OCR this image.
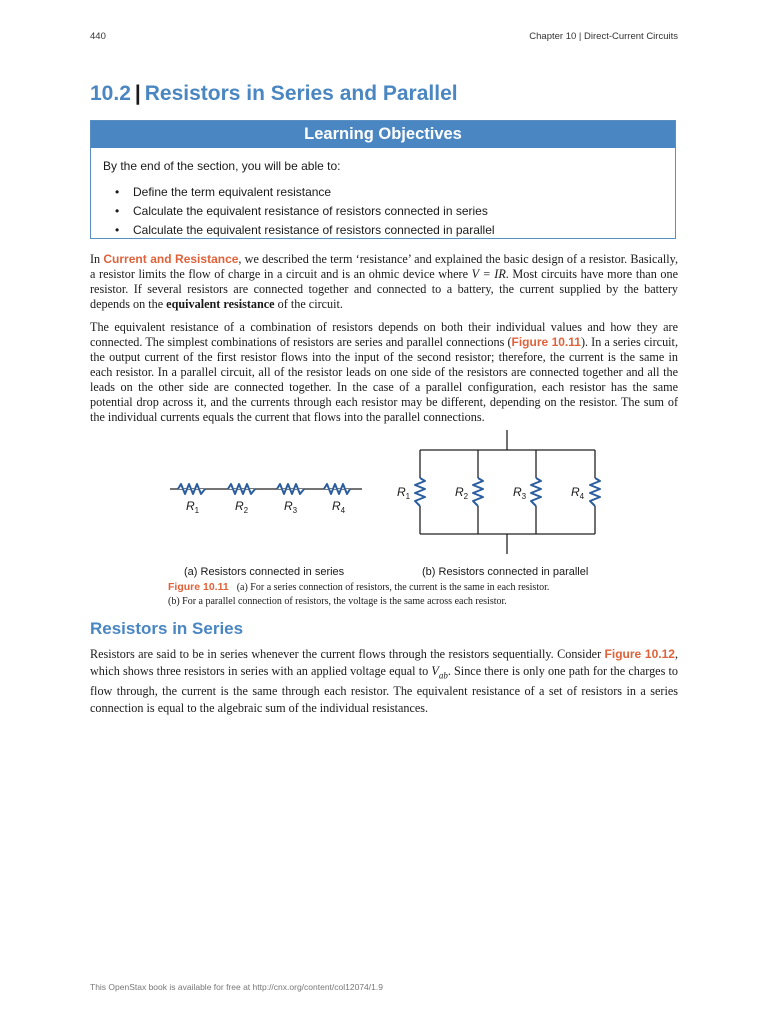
440	Chapter 10 | Direct-Current Circuits
10.2 | Resistors in Series and Parallel
Learning Objectives
By the end of the section, you will be able to:
• Define the term equivalent resistance
• Calculate the equivalent resistance of resistors connected in series
• Calculate the equivalent resistance of resistors connected in parallel

In Current and Resistance, we described the term ‘resistance’ and explained the basic design of a resistor. Basically, a resistor limits the flow of charge in a circuit and is an ohmic device where V = IR. Most circuits have more than one resistor. If several resistors are connected together and connected to a battery, the current supplied by the battery depends on the equivalent resistance of the circuit.

The equivalent resistance of a combination of resistors depends on both their individual values and how they are connected. The simplest combinations of resistors are series and parallel connections (Figure 10.11). In a series circuit, the output current of the first resistor flows into the input of the second resistor; therefore, the current is the same in each resistor. In a parallel circuit, all of the resistor leads on one side of the resistors are connected together and all the leads on the other side are connected together. In the case of a parallel configuration, each resistor has the same potential drop across it, and the currents through each resistor may be different, depending on the resistor. The sum of the individual currents equals the current that flows into the parallel connections.

$R_1$	$R_2$	$R_3$	$R_4$
$R_1$	$R_2$	$R_3$	$R_4$
(a) Resistors connected in series	(b) Resistors connected in parallel
Figure 10.11 (a) For a series connection of resistors, the current is the same in each resistor.
(b) For a parallel connection of resistors, the voltage is the same across each resistor.
Resistors in Series

Resistors are said to be in series whenever the current flows through the resistors sequentially. Consider Figure 10.12, which shows three resistors in series with an applied voltage equal to $V_{ab}$. Since there is only one path for the charges to flow through, the current is the same through each resistor. The equivalent resistance of a set of resistors in a series connection is equal to the algebraic sum of the individual resistances.

This OpenStax book is available for free at http://cnx.org/content/col12074/1.9
